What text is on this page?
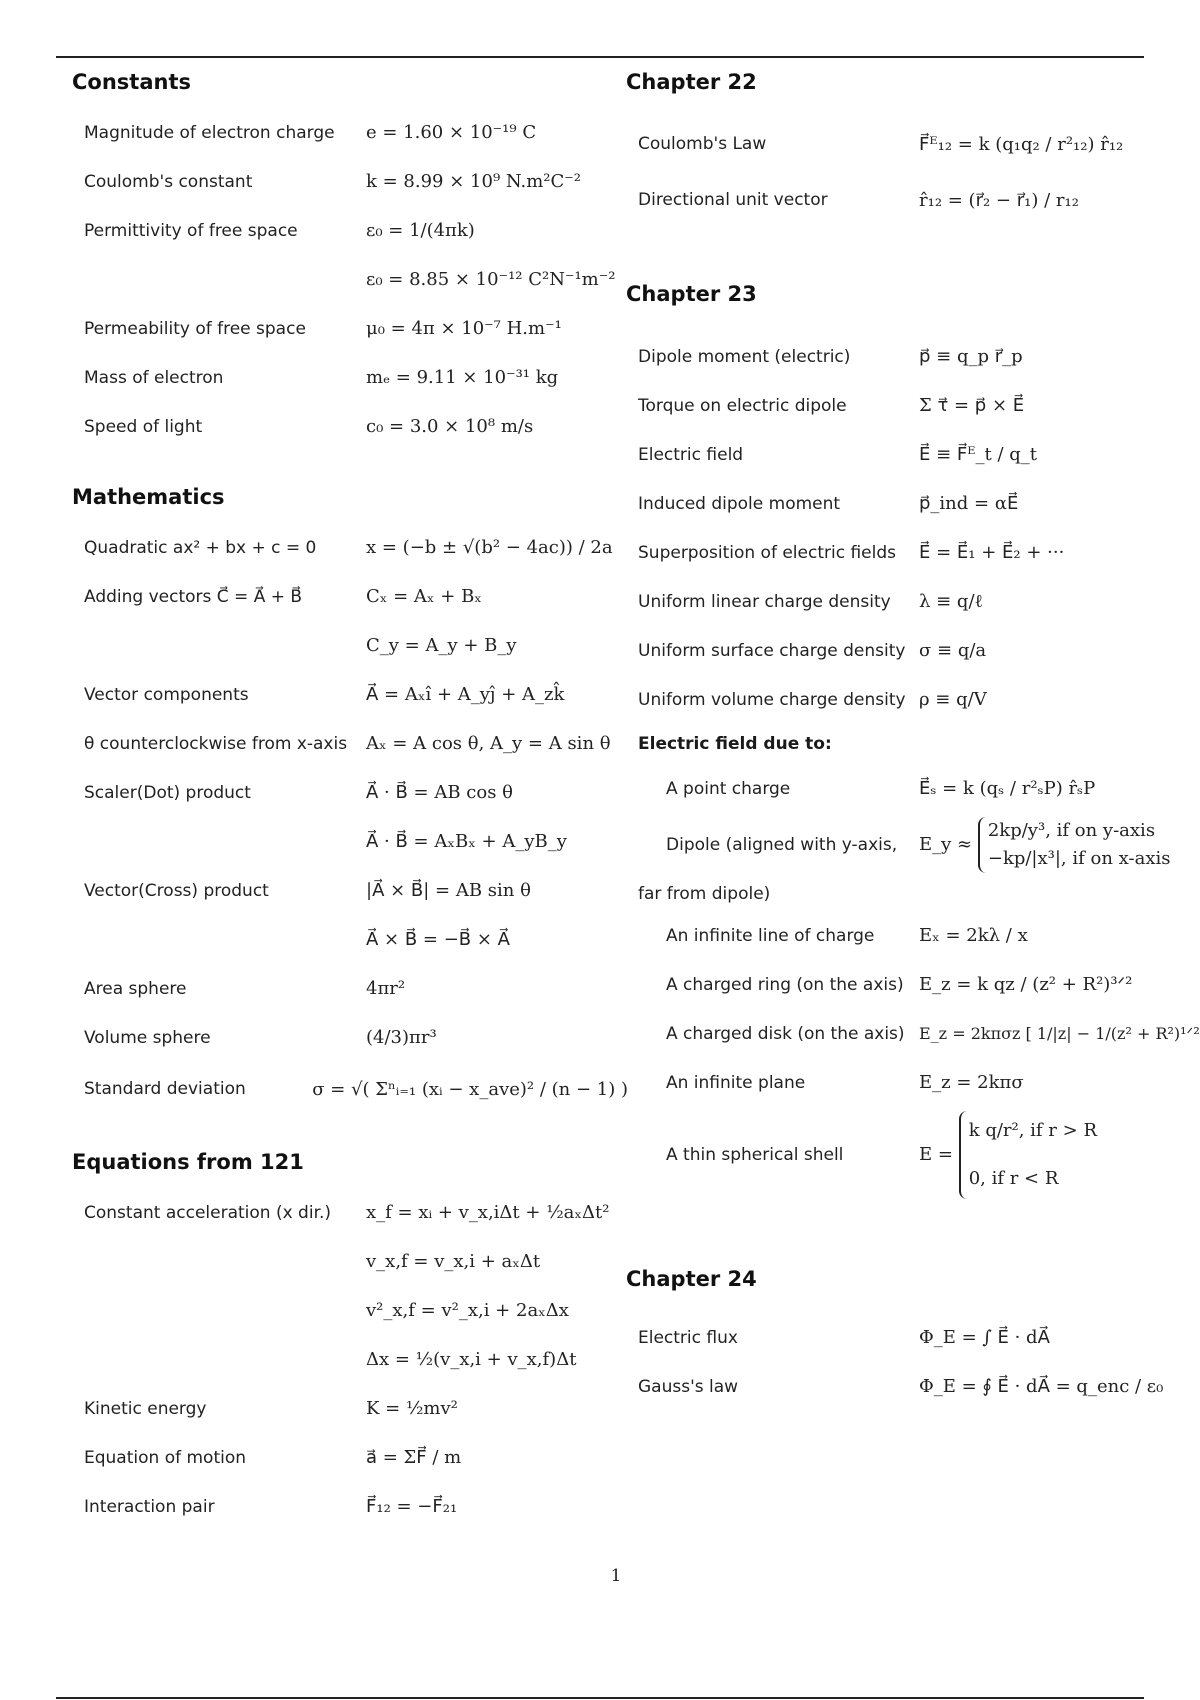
Constants
Magnitude of electron charge	e = 1.60 × 10⁻¹⁹ C
Coulomb's constant	k = 8.99 × 10⁹ N.m²C⁻²
Permittivity of free space	ε₀ = 1/(4πk)
ε₀ = 8.85 × 10⁻¹² C²N⁻¹m⁻²
Permeability of free space	μ₀ = 4π × 10⁻⁷ H.m⁻¹
Mass of electron	mₑ = 9.11 × 10⁻³¹ kg
Speed of light	c₀ = 3.0 × 10⁸ m/s
Mathematics
Quadratic ax² + bx + c = 0	x = (−b ± √(b² − 4ac)) / 2a
Adding vectors C⃗ = A⃗ + B⃗	Cₓ = Aₓ + Bₓ
C_y = A_y + B_y
Vector components	A⃗ = Aₓî + A_yĵ + A_zk̂
θ counterclockwise from x-axis	Aₓ = A cos θ, A_y = A sin θ
Scaler(Dot) product	A⃗ · B⃗ = AB cos θ
A⃗ · B⃗ = AₓBₓ + A_yB_y
Vector(Cross) product	|A⃗ × B⃗| = AB sin θ
A⃗ × B⃗ = −B⃗ × A⃗
Area sphere	4πr²
Volume sphere	(4/3)πr³
Standard deviation	σ = √( Σⁿᵢ₌₁ (xᵢ − x_ave)² / (n − 1) )
Equations from 121
Constant acceleration (x dir.)	x_f = xᵢ + v_x,iΔt + ½aₓΔt²
v_x,f = v_x,i + aₓΔt
v²_x,f = v²_x,i + 2aₓΔx
Δx = ½(v_x,i + v_x,f)Δt
Kinetic energy	K = ½mv²
Equation of motion	a⃗ = ΣF⃗ / m
Interaction pair	F⃗₁₂ = −F⃗₂₁
Chapter 22
Coulomb's Law	F⃗ᴱ₁₂ = k (q₁q₂ / r²₁₂) r̂₁₂
Directional unit vector	r̂₁₂ = (r⃗₂ − r⃗₁) / r₁₂
Chapter 23
Dipole moment (electric)	p⃗ ≡ q_p r⃗_p
Torque on electric dipole	Σ τ⃗ = p⃗ × E⃗
Electric field	E⃗ ≡ F⃗ᴱ_t / q_t
Induced dipole moment	p⃗_ind = αE⃗
Superposition of electric fields	E⃗ = E⃗₁ + E⃗₂ + ···
Uniform linear charge density	λ ≡ q/ℓ
Uniform surface charge density σ ≡ q/a
Uniform volume charge density ρ ≡ q/V
Electric field due to:
A point charge	E⃗ₛ = k (qₛ / r²ₛP) r̂ₛP
Dipole (aligned with y-axis,	E_y ≈
2kp/y³, if on y-axis
−kp/|x³|, if on x-axis
far from dipole)
An infinite line of charge	Eₓ = 2kλ / x
A charged ring (on the axis) E_z = k qz / (z² + R²)³ᐟ²
A charged disk (on the axis) E_z = 2kπσz [ 1/|z| − 1/(z² + R²)¹ᐟ²
An infinite plane	E_z = 2kπσ
A thin spherical shell	E =
k q/r², if r > R
0, if r < R
Chapter 24
Electric flux	Φ_E = ∫ E⃗ · dA⃗
Gauss's law	Φ_E = ∮ E⃗ · dA⃗ = q_enc / ε₀
1
